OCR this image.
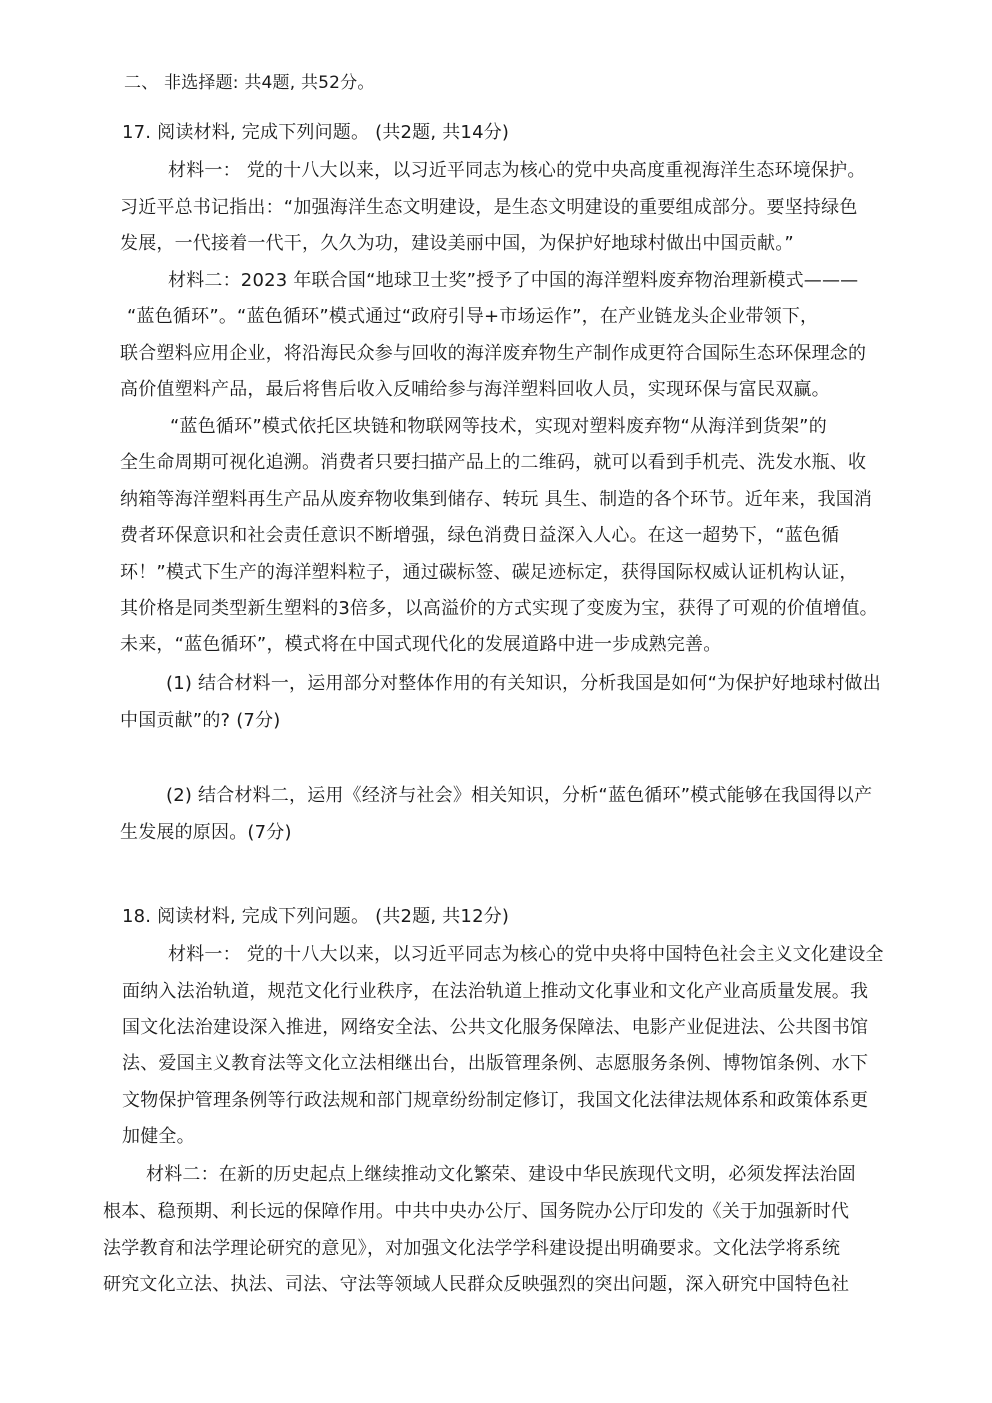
二、 非选择题: 共4题, 共52分。
17. 阅读材料, 完成下列问题。 (共2题, 共14分)
材料一： 党的十八大以来，以习近平同志为核心的党中央高度重视海洋生态环境保护。
习近平总书记指出：“加强海洋生态文明建设，是生态文明建设的重要组成部分。要坚持绿色
发展，一代接着一代干，久久为功，建设美丽中国，为保护好地球村做出中国贡献。”
材料二：2023 年联合国“地球卫士奖”授予了中国的海洋塑料废弃物治理新模式———
“蓝色循环”。“蓝色循环”模式通过“政府引导+市场运作”，在产业链龙头企业带领下，
联合塑料应用企业，将沿海民众参与回收的海洋废弃物生产制作成更符合国际生态环保理念的
高价值塑料产品，最后将售后收入反哺给参与海洋塑料回收人员，实现环保与富民双赢。
“蓝色循环”模式依托区块链和物联网等技术，实现对塑料废弃物“从海洋到货架”的
全生命周期可视化追溯。消费者只要扫描产品上的二维码，就可以看到手机壳、洗发水瓶、收
纳箱等海洋塑料再生产品从废弃物收集到储存、转玩 具生、制造的各个环节。近年来，我国消
费者环保意识和社会责任意识不断增强，绿色消费日益深入人心。在这一超势下，“蓝色循
环！”模式下生产的海洋塑料粒子，通过碳标签、碳足迹标定，获得国际权威认证机构认证，
其价格是同类型新生塑料的3倍多，以高溢价的方式实现了变废为宝，获得了可观的价值增值。
未来，“蓝色循环”，模式将在中国式现代化的发展道路中进一步成熟完善。
(1) 结合材料一，运用部分对整体作用的有关知识，分析我国是如何“为保护好地球村做出
中国贡献”的? (7分)
(2) 结合材料二，运用《经济与社会》相关知识，分析“蓝色循环”模式能够在我国得以产
生发展的原因。(7分)
18. 阅读材料, 完成下列问题。 (共2题, 共12分)
材料一： 党的十八大以来，以习近平同志为核心的党中央将中国特色社会主义文化建设全
面纳入法治轨道，规范文化行业秩序，在法治轨道上推动文化事业和文化产业高质量发展。我
国文化法治建设深入推进，网络安全法、公共文化服务保障法、电影产业促进法、公共图书馆
法、爱国主义教育法等文化立法相继出台，出版管理条例、志愿服务条例、博物馆条例、水下
文物保护管理条例等行政法规和部门规章纷纷制定修订，我国文化法律法规体系和政策体系更
加健全。
材料二：在新的历史起点上继续推动文化繁荣、建设中华民族现代文明，必须发挥法治固
根本、稳预期、利长远的保障作用。中共中央办公厅、国务院办公厅印发的《关于加强新时代
法学教育和法学理论研究的意见》，对加强文化法学学科建设提出明确要求。文化法学将系统
研究文化立法、执法、司法、守法等领域人民群众反映强烈的突出问题，深入研究中国特色社
